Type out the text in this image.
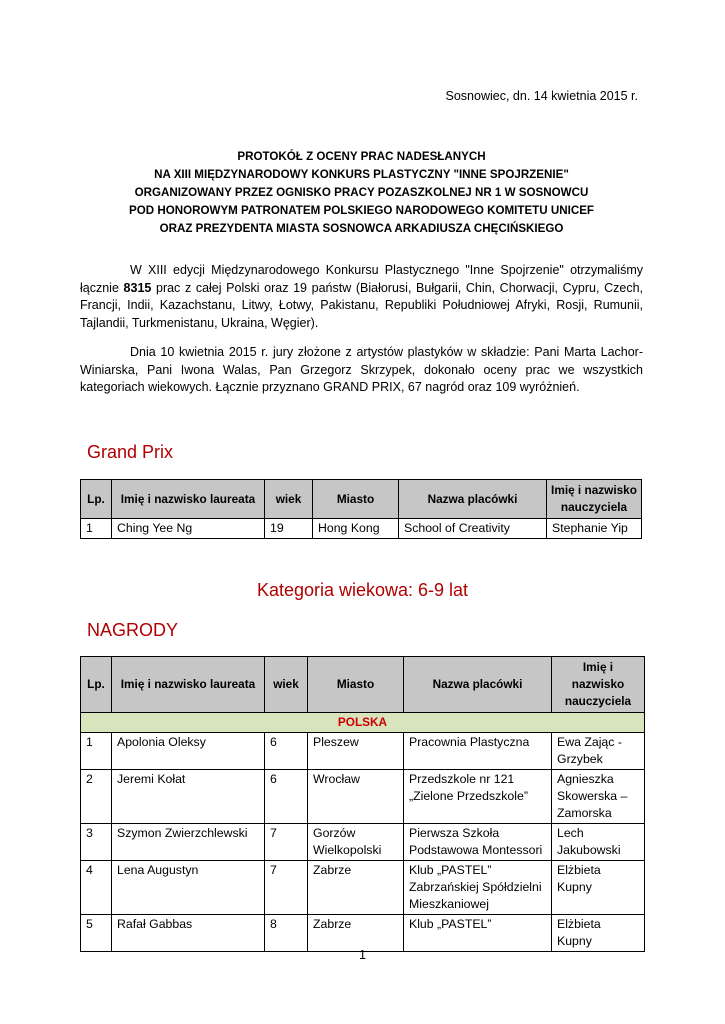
Sosnowiec, dn. 14 kwietnia 2015 r.
PROTOKÓŁ Z OCENY PRAC NADESŁANYCH
NA XIII MIĘDZYNARODOWY KONKURS PLASTYCZNY "INNE SPOJRZENIE"
ORGANIZOWANY PRZEZ OGNISKO PRACY POZASZKOLNEJ NR 1 W SOSNOWCU
POD HONOROWYM PATRONATEM POLSKIEGO NARODOWEGO KOMITETU UNICEF
ORAZ PREZYDENTA MIASTA SOSNOWCA ARKADIUSZA CHĘCIŃSKIEGO
W XIII edycji Międzynarodowego Konkursu Plastycznego "Inne Spojrzenie" otrzymaliśmy łącznie 8315 prac z całej Polski oraz 19 państw (Białorusi, Bułgarii, Chin, Chorwacji, Cypru, Czech, Francji, Indii, Kazachstanu, Litwy, Łotwy, Pakistanu, Republiki Południowej Afryki, Rosji, Rumunii, Tajlandii, Turkmenistanu, Ukraina, Węgier).
Dnia 10 kwietnia 2015 r. jury złożone z artystów plastyków w składzie: Pani Marta Lachor-Winiarska, Pani Iwona Walas, Pan Grzegorz Skrzypek, dokonało oceny prac we wszystkich kategoriach wiekowych. Łącznie przyznano GRAND PRIX, 67 nagród oraz 109 wyróżnień.
Grand Prix
Lp.	Imię i nazwisko laureata	wiek	Miasto	Nazwa placówki	Imię i nazwisko nauczyciela
1	Ching Yee Ng	19	Hong Kong	School of Creativity	Stephanie Yip
Kategoria wiekowa: 6-9 lat
NAGRODY
Lp.	Imię i nazwisko laureata	wiek	Miasto	Nazwa placówki	Imię i nazwisko nauczyciela
POLSKA					
1	Apolonia Oleksy	6	Pleszew	Pracownia Plastyczna	Ewa Zając - Grzybek
2	Jeremi Kołat	6	Wrocław	Przedszkole nr 121 „Zielone Przedszkole”	Agnieszka Skowerska – Zamorska
3	Szymon Zwierzchlewski	7	Gorzów Wielkopolski	Pierwsza Szkoła Podstawowa Montessori	Lech Jakubowski
4	Lena Augustyn	7	Zabrze	Klub „PASTEL” Zabrzańskiej Spółdzielni Mieszkaniowej	Elżbieta Kupny
5	Rafał Gabbas	8	Zabrze	Klub „PASTEL”	Elżbieta Kupny
1
